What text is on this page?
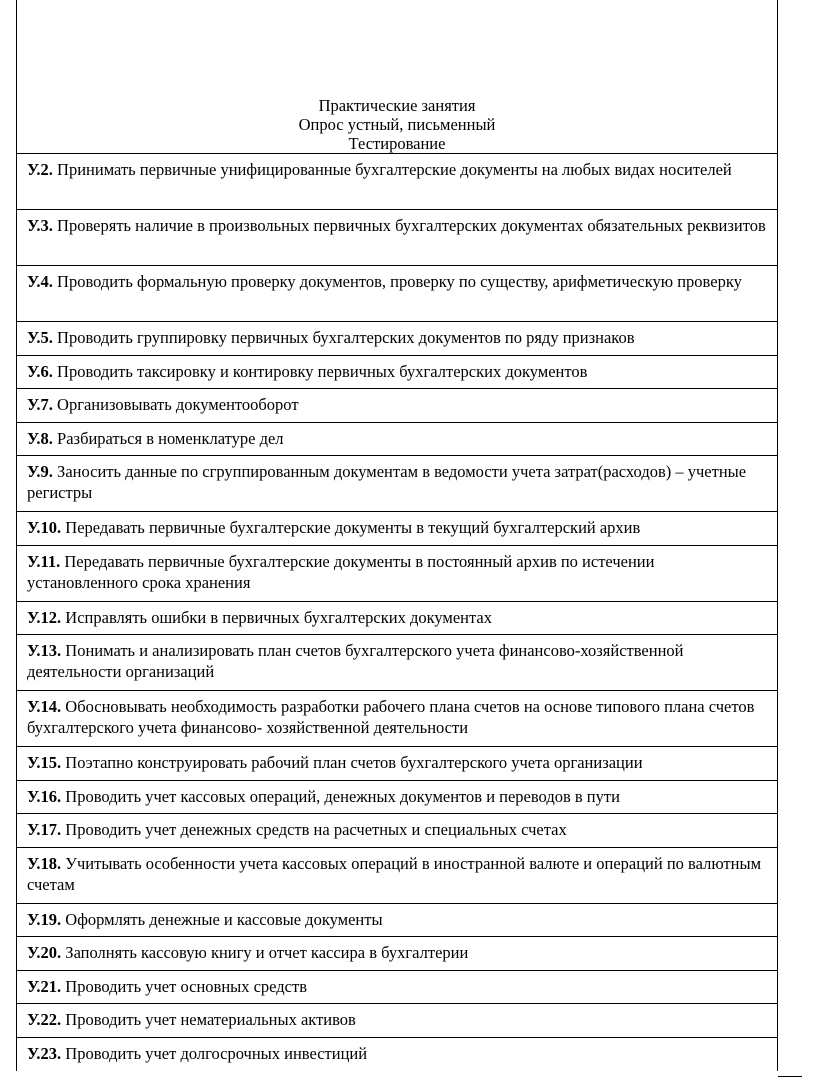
Практические занятия
Опрос устный, письменный
Тестирование
У.2. Принимать первичные унифицированные бухгалтерские документы на любых видах носителей
У.3. Проверять наличие в произвольных первичных бухгалтерских документах обязательных реквизитов
У.4. Проводить формальную проверку документов, проверку по существу, арифметическую проверку
У.5. Проводить группировку первичных бухгалтерских документов по ряду признаков
У.6. Проводить таксировку и контировку первичных бухгалтерских документов
У.7. Организовывать документооборот
У.8. Разбираться в номенклатуре дел
У.9. Заносить данные по сгруппированным документам в ведомости учета затрат(расходов) – учетные регистры
У.10. Передавать первичные бухгалтерские документы в текущий бухгалтерский архив
У.11. Передавать первичные бухгалтерские документы в постоянный архив по истечении установленного срока хранения
У.12. Исправлять ошибки в первичных бухгалтерских документах
У.13. Понимать и анализировать план счетов бухгалтерского учета финансово-хозяйственной деятельности организаций
У.14. Обосновывать необходимость разработки рабочего плана счетов на основе типового плана счетов бухгалтерского учета финансово- хозяйственной деятельности
У.15. Поэтапно конструировать рабочий план счетов бухгалтерского учета организации
У.16. Проводить учет кассовых операций, денежных документов и переводов в пути
У.17. Проводить учет денежных средств на расчетных и специальных счетах
У.18. Учитывать особенности учета кассовых операций в иностранной валюте и операций по валютным счетам
У.19. Оформлять денежные и кассовые документы
У.20. Заполнять кассовую книгу и отчет кассира в бухгалтерии
У.21. Проводить учет основных средств
У.22. Проводить учет нематериальных активов
У.23. Проводить учет долгосрочных инвестиций
